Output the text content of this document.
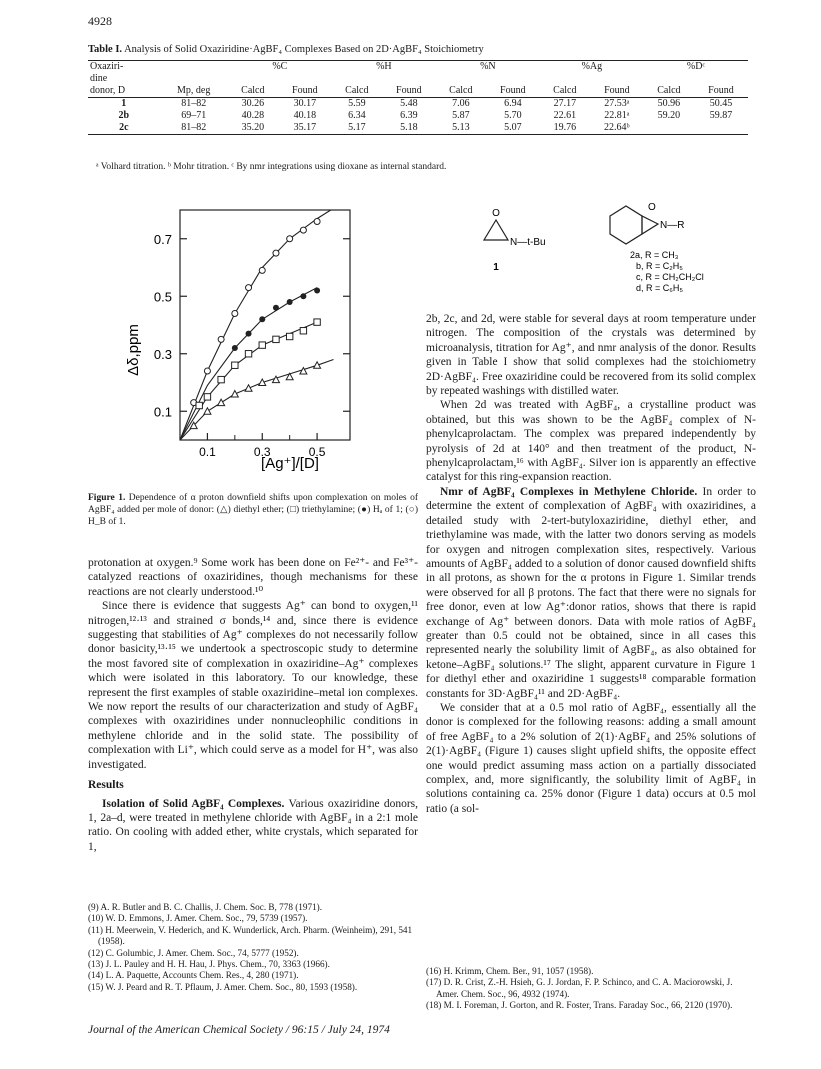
4928
Table I. Analysis of Solid Oxaziridine·AgBF₄ Complexes Based on 2D·AgBF₄ Stoichiometry
Oxaziri-		%C		%H		%N		%Ag		%Dᶜ	
dine											
donor, D	Mp, deg	Calcd	Found	Calcd	Found	Calcd	Found	Calcd	Found	Calcd	Found
1	81–82	30.26	30.17	5.59	5.48	7.06	6.94	27.17	27.53ᵃ	50.96	50.45
2b	69–71	40.28	40.18	6.34	6.39	5.87	5.70	22.61	22.81ᵃ	59.20	59.87
2c	81–82	35.20	35.17	5.17	5.18	5.13	5.07	19.76	22.64ᵇ		
ᵃ Volhard titration. ᵇ Mohr titration. ᶜ By nmr integrations using dioxane as internal standard.
0.1	0.3	0.5
0.1
0.3
0.5
0.7
[Ag⁺]/[D]
Δδ,ppm
Figure 1. Dependence of α proton downfield shifts upon complexation on moles of AgBF₄ added per mole of donor: (△) diethyl ether; (□) triethylamine; (●) Hₐ of 1; (○) H_B of 1.
O
N—t-Bu
1
O
N—R
2a, R = CH₃
b, R = C₂H₅
c, R = CH₂CH₂Cl
d, R = C₆H₅

protonation at oxygen.⁹ Some work has been done on Fe²⁺- and Fe³⁺-catalyzed reactions of oxaziridines, though mechanisms for these reactions are not clearly understood.¹⁰

Since there is evidence that suggests Ag⁺ can bond to oxygen,¹¹ nitrogen,¹²·¹³ and strained σ bonds,¹⁴ and, since there is evidence suggesting that stabilities of Ag⁺ complexes do not necessarily follow donor basicity,¹³·¹⁵ we undertook a spectroscopic study to determine the most favored site of complexation in oxaziridine–Ag⁺ complexes which were isolated in this laboratory. To our knowledge, these represent the first examples of stable oxaziridine–metal ion complexes. We now report the results of our characterization and study of AgBF₄ complexes with oxaziridines under nonnucleophilic conditions in methylene chloride and in the solid state. The possibility of complexation with Li⁺, which could serve as a model for H⁺, was also investigated.

Results

Isolation of Solid AgBF₄ Complexes. Various oxaziridine donors, 1, 2a–d, were treated in methylene chloride with AgBF₄ in a 2:1 mole ratio. On cooling with added ether, white crystals, which separated for 1,

(9) A. R. Butler and B. C. Challis, J. Chem. Soc. B, 778 (1971).
(10) W. D. Emmons, J. Amer. Chem. Soc., 79, 5739 (1957).
(11) H. Meerwein, V. Hederich, and K. Wunderlick, Arch. Pharm. (Weinheim), 291, 541 (1958).
(12) C. Golumbic, J. Amer. Chem. Soc., 74, 5777 (1952).
(13) J. L. Pauley and H. H. Hau, J. Phys. Chem., 70, 3363 (1966).
(14) L. A. Paquette, Accounts Chem. Res., 4, 280 (1971).
(15) W. J. Peard and R. T. Pflaum, J. Amer. Chem. Soc., 80, 1593 (1958).

2b, 2c, and 2d, were stable for several days at room temperature under nitrogen. The composition of the crystals was determined by microanalysis, titration for Ag⁺, and nmr analysis of the donor. Results given in Table I show that solid complexes had the stoichiometry 2D·AgBF₄. Free oxaziridine could be recovered from its solid complex by repeated washings with distilled water.

When 2d was treated with AgBF₄, a crystalline product was obtained, but this was shown to be the AgBF₄ complex of N-phenylcaprolactam. The complex was prepared independently by pyrolysis of 2d at 140° and then treatment of the product, N-phenylcaprolactam,¹⁶ with AgBF₄. Silver ion is apparently an effective catalyst for this ring-expansion reaction.

Nmr of AgBF₄ Complexes in Methylene Chloride. In order to determine the extent of complexation of AgBF₄ with oxaziridines, a detailed study with 2-tert-butyloxaziridine, diethyl ether, and triethylamine was made, with the latter two donors serving as models for oxygen and nitrogen complexation sites, respectively. Various amounts of AgBF₄ added to a solution of donor caused downfield shifts in all protons, as shown for the α protons in Figure 1. Similar trends were observed for all β protons. The fact that there were no signals for free donor, even at low Ag⁺:donor ratios, shows that there is rapid exchange of Ag⁺ between donors. Data with mole ratios of AgBF₄ greater than 0.5 could not be obtained, since in all cases this represented nearly the solubility limit of AgBF₄, as also obtained for ketone–AgBF₄ solutions.¹⁷ The slight, apparent curvature in Figure 1 for diethyl ether and oxaziridine 1 suggests¹⁸ comparable formation constants for 3D·AgBF₄¹¹ and 2D·AgBF₄.

We consider that at a 0.5 mol ratio of AgBF₄, essentially all the donor is complexed for the following reasons: adding a small amount of free AgBF₄ to a 2% solution of 2(1)·AgBF₄ and 25% solutions of 2(1)·AgBF₄ (Figure 1) causes slight upfield shifts, the opposite effect one would predict assuming mass action on a partially dissociated complex, and, more significantly, the solubility limit of AgBF₄ in solutions containing ca. 25% donor (Figure 1 data) occurs at 0.5 mol ratio (a sol-

(16) H. Krimm, Chem. Ber., 91, 1057 (1958).
(17) D. R. Crist, Z.-H. Hsieh, G. J. Jordan, F. P. Schinco, and C. A. Maciorowski, J. Amer. Chem. Soc., 96, 4932 (1974).
(18) M. I. Foreman, J. Gorton, and R. Foster, Trans. Faraday Soc., 66, 2120 (1970).
Journal of the American Chemical Society / 96:15 / July 24, 1974
